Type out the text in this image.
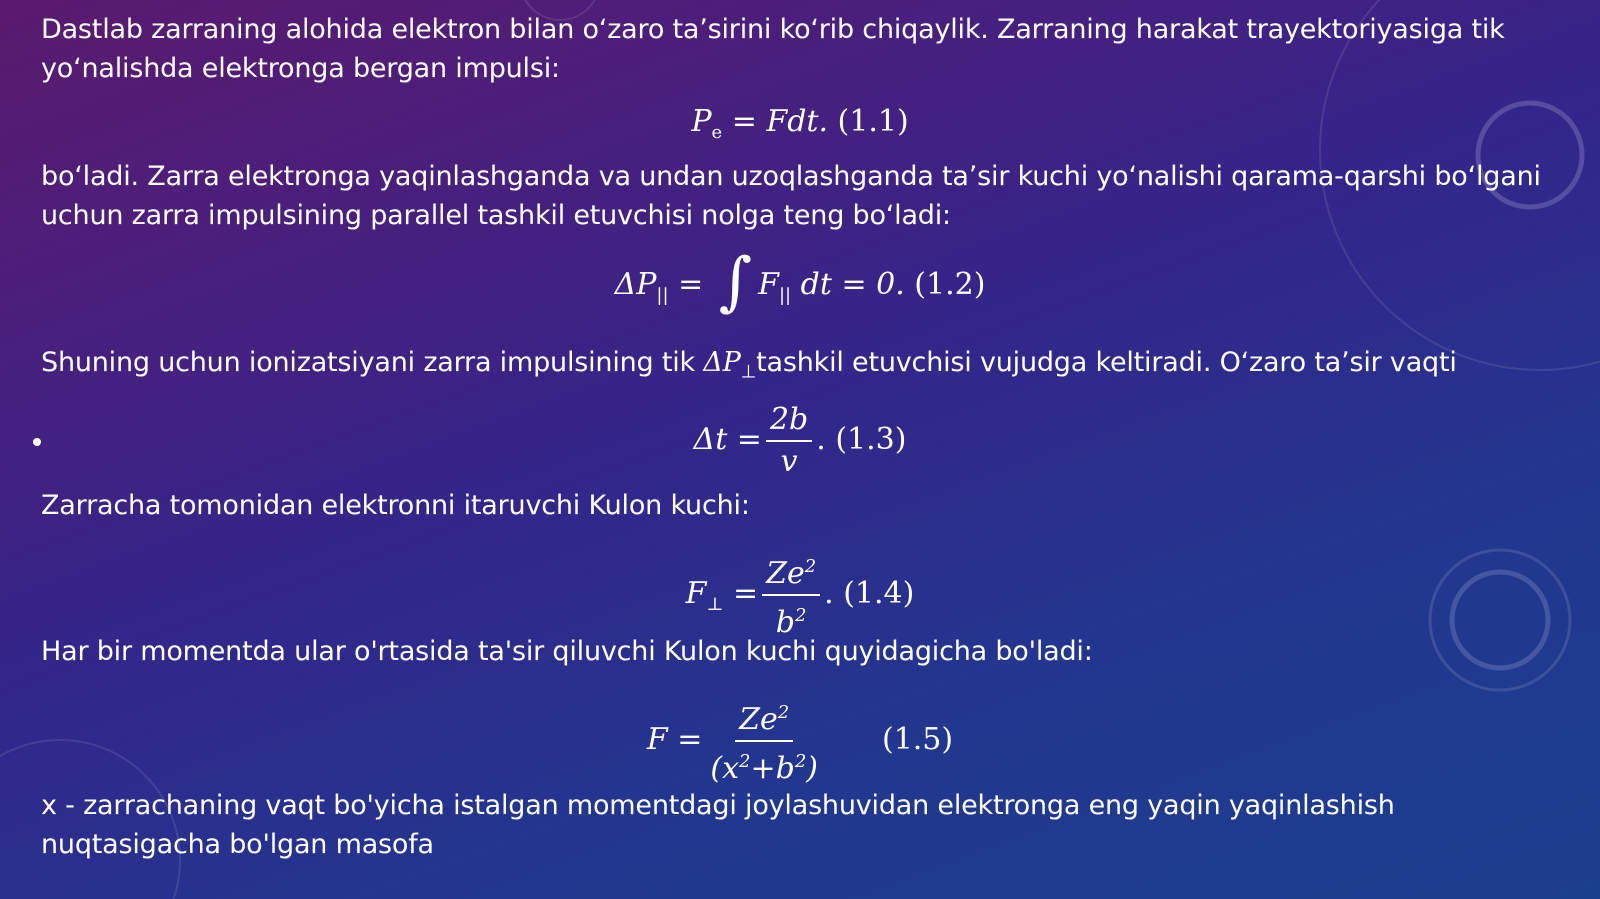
Dastlab zarraning alohida elektron bilan oʻzaro taʼsirini koʻrib chiqaylik. Zarraning harakat trayektoriyasiga tik yoʻnalishda elektronga bergan impulsi:
$P_e$ = Fdt. (1.1)
boʻladi. Zarra elektronga yaqinlashganda va undan uzoqlashganda taʼsir kuchi yoʻnalishi qarama-qarshi boʻlgani uchun zarra impulsining parallel tashkil etuvchisi nolga teng boʻladi:
$\Delta P_{||}$ = ∫ $F_{||}$ dt = 0. (1.2)
Shuning uchun ionizatsiyani zarra impulsining tik $\Delta P_\perp tashkil$ etuvchisi vujudga keltiradi. Oʻzaro taʼsir vaqti
$\Delta t = \frac{2b}{v}$ . (1.3)
Zarracha tomonidan elektronni itaruvchi Kulon kuchi:
$F_\perp = \frac{Ze^2}{b^2}$ . (1.4)
Har bir momentda ular o'rtasida ta'sir qiluvchi Kulon kuchi quyidagicha bo'ladi:
$F = \frac{Ze^2}{(x^2+b^2)} (1.5)$
x - zarrachaning vaqt bo'yicha istalgan momentdagi joylashuvidan elektronga eng yaqin yaqinlashish nuqtasigacha bo'lgan masofa
